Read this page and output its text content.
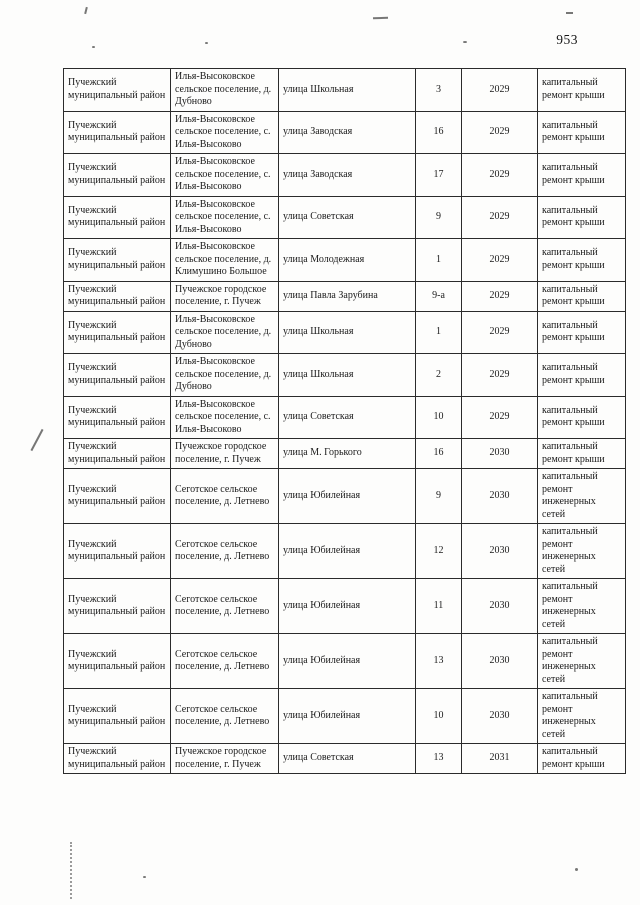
953
Пучежский муниципальный район	Илья-Высоковское сельское поселение, д. Дубново	улица Школьная	3	2029	капитальный ремонт крыши
Пучежский муниципальный район	Илья-Высоковское сельское поселение, с. Илья-Высоково	улица Заводская	16	2029	капитальный ремонт крыши
Пучежский муниципальный район	Илья-Высоковское сельское поселение, с. Илья-Высоково	улица Заводская	17	2029	капитальный ремонт крыши
Пучежский муниципальный район	Илья-Высоковское сельское поселение, с. Илья-Высоково	улица Советская	9	2029	капитальный ремонт крыши
Пучежский муниципальный район	Илья-Высоковское сельское поселение, д. Климушино Большое	улица Молодежная	1	2029	капитальный ремонт крыши
Пучежский муниципальный район	Пучежское городское поселение, г. Пучеж	улица Павла Зарубина	9-а	2029	капитальный ремонт крыши
Пучежский муниципальный район	Илья-Высоковское сельское поселение, д. Дубново	улица Школьная	1	2029	капитальный ремонт крыши
Пучежский муниципальный район	Илья-Высоковское сельское поселение, д. Дубново	улица Школьная	2	2029	капитальный ремонт крыши
Пучежский муниципальный район	Илья-Высоковское сельское поселение, с. Илья-Высоково	улица Советская	10	2029	капитальный ремонт крыши
Пучежский муниципальный район	Пучежское городское поселение, г. Пучеж	улица М. Горького	16	2030	капитальный ремонт крыши
Пучежский муниципальный район	Сеготское сельское поселение, д. Летнево	улица Юбилейная	9	2030	капитальный ремонт инженерных сетей
Пучежский муниципальный район	Сеготское сельское поселение, д. Летнево	улица Юбилейная	12	2030	капитальный ремонт инженерных сетей
Пучежский муниципальный район	Сеготское сельское поселение, д. Летнево	улица Юбилейная	11	2030	капитальный ремонт инженерных сетей
Пучежский муниципальный район	Сеготское сельское поселение, д. Летнево	улица Юбилейная	13	2030	капитальный ремонт инженерных сетей
Пучежский муниципальный район	Сеготское сельское поселение, д. Летнево	улица Юбилейная	10	2030	капитальный ремонт инженерных сетей
Пучежский муниципальный район	Пучежское городское поселение, г. Пучеж	улица Советская	13	2031	капитальный ремонт крыши
